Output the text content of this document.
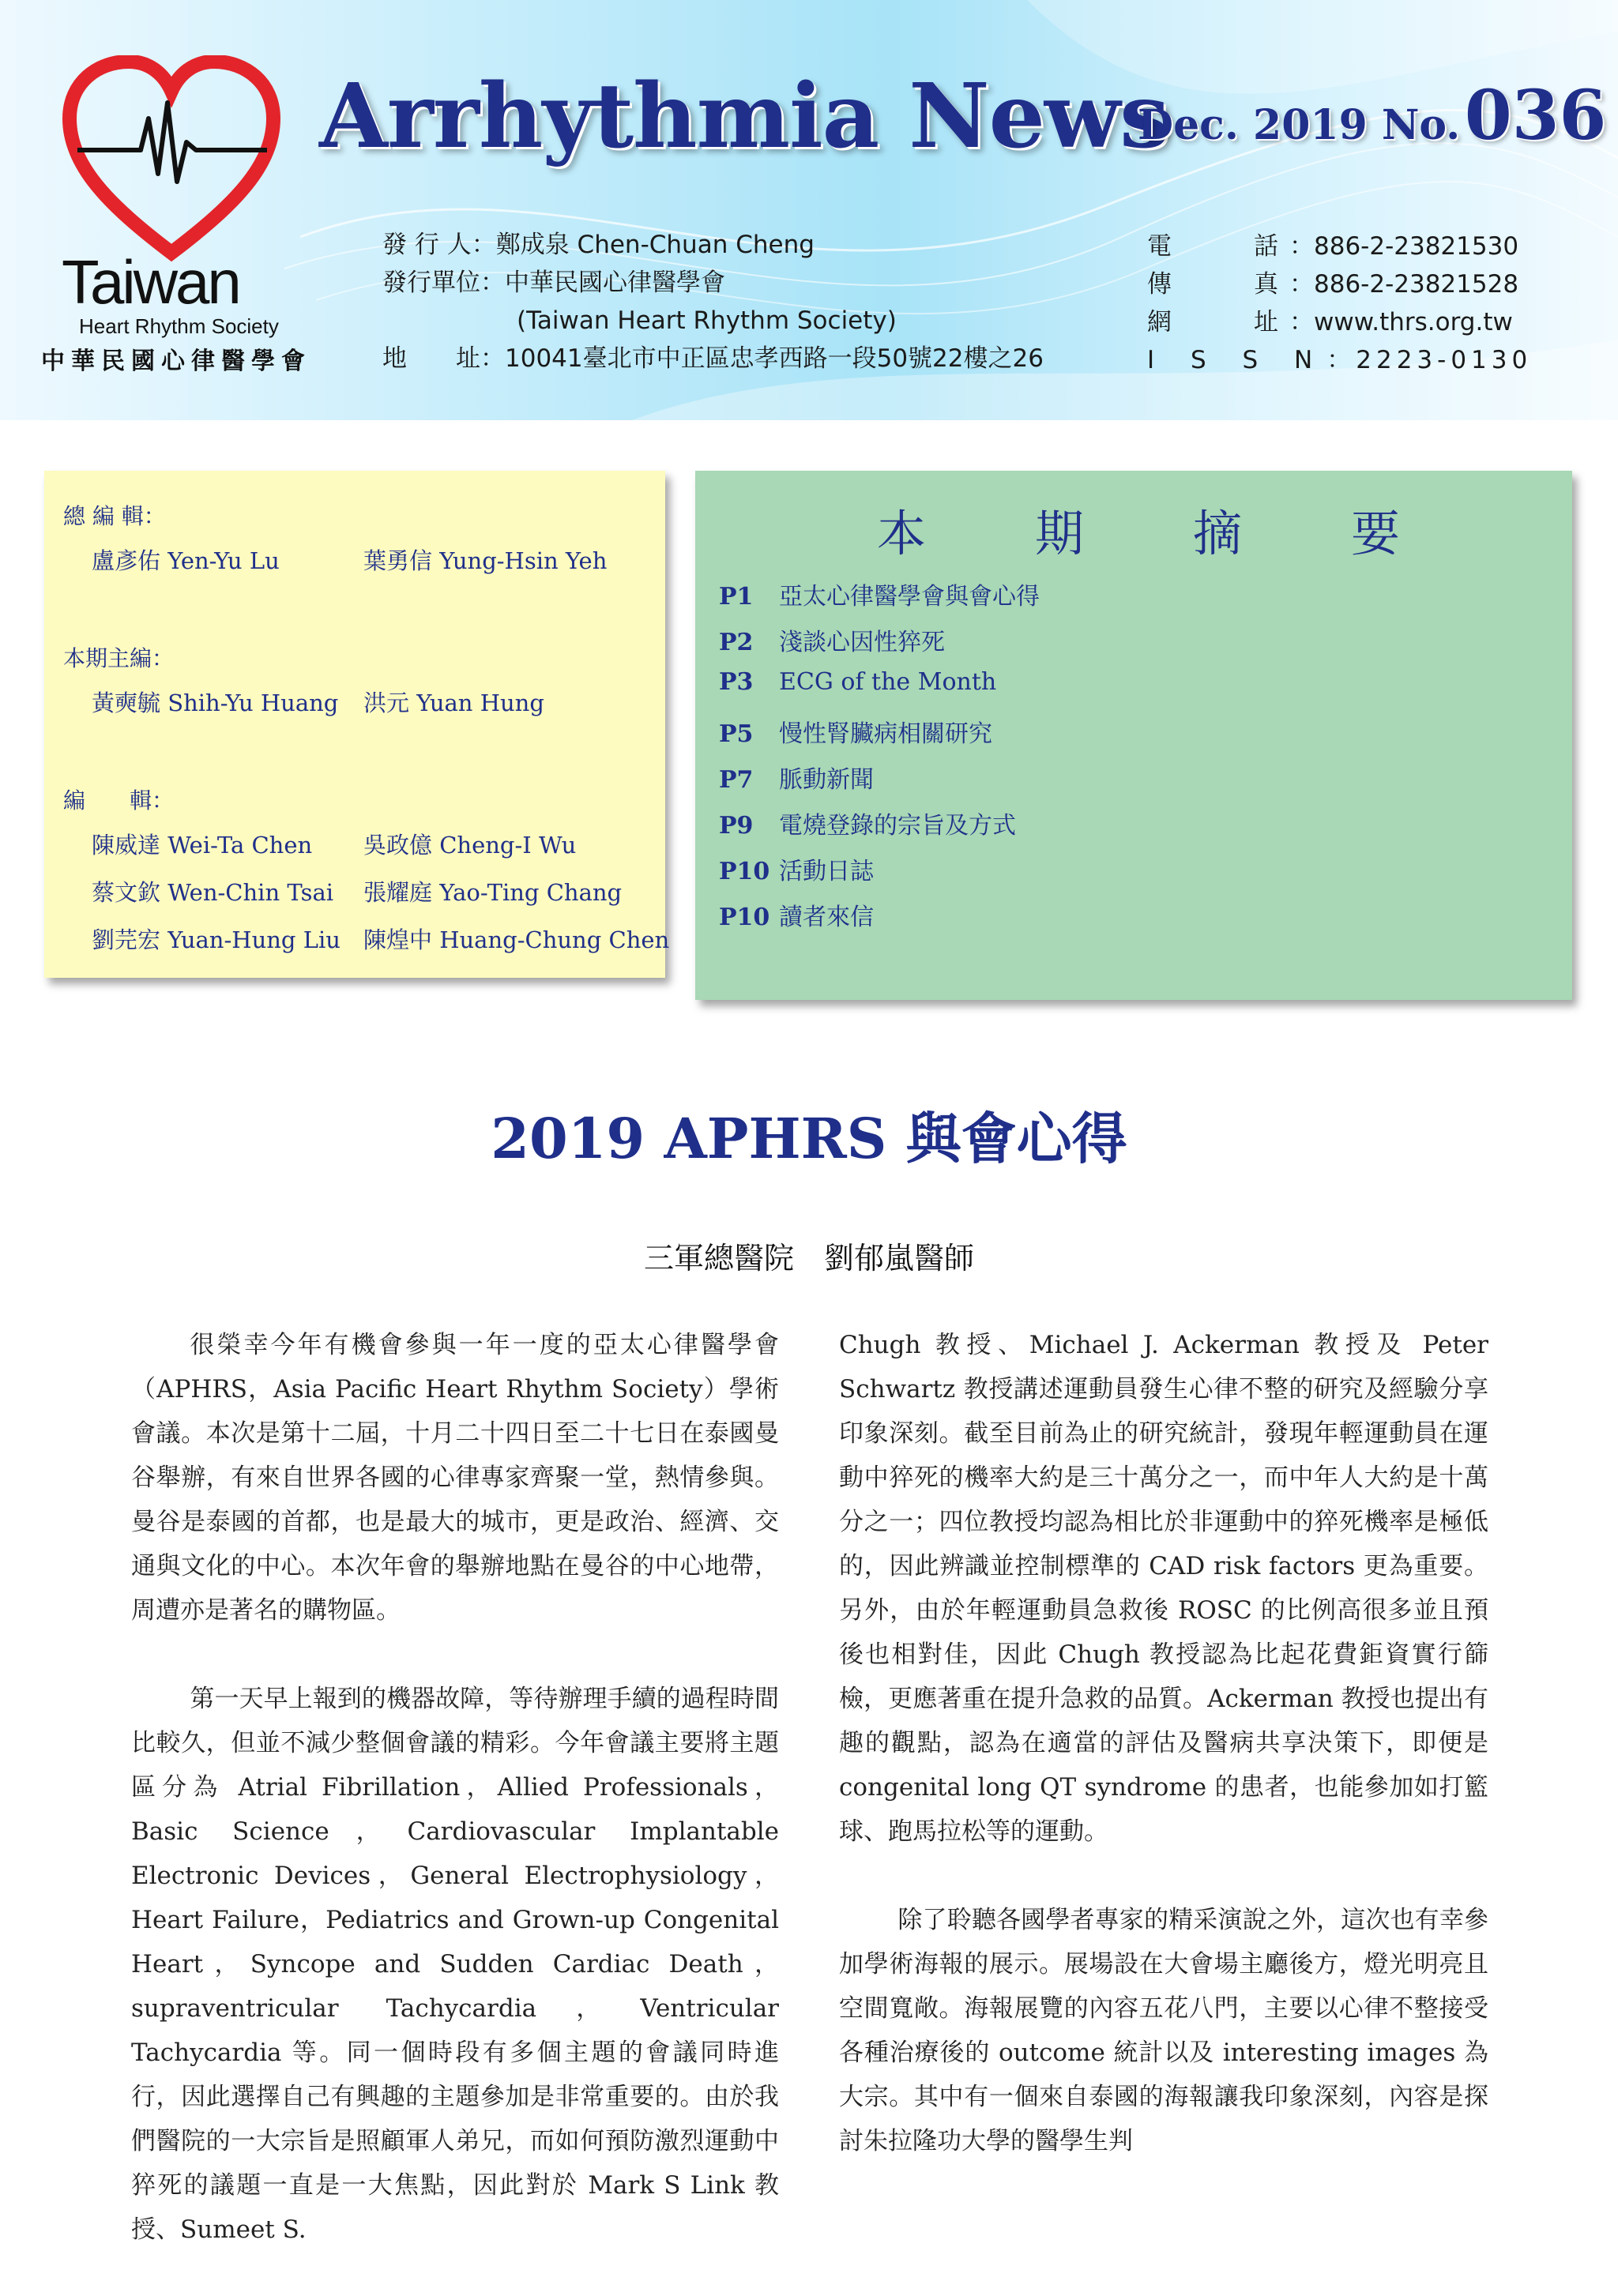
Taiwan
Heart Rhythm Society
中華民國心律醫學會
Arrhythmia News
Dec. 2019 No. 036
發 行 人：鄭成泉 Chen-Chuan Cheng
發行單位：中華民國心律醫學會
(Taiwan Heart Rhythm Society)
地　　址：10041臺北市中正區忠孝西路一段50號22樓之26
電　　話：886-2-23821530
傳　　真：886-2-23821528
網　　址：www.thrs.org.tw
I S S N：2223-0130
總 編 輯：
盧彥佑 Yen-Yu Lu	葉勇信 Yung-Hsin Yeh
本期主編：
黃奭毓 Shih-Yu Huang 洪元 Yuan Hung
編　　輯：
陳威達 Wei-Ta Chen 吳政億 Cheng-I Wu
蔡文欽 Wen-Chin Tsai 張耀庭 Yao-Ting Chang
劉芫宏 Yuan-Hung Liu 陳煌中 Huang-Chung Chen
本期摘要
P1 亞太心律醫學會與會心得
P2 淺談心因性猝死
P3 ECG of the Month
P5 慢性腎臟病相關研究
P7 脈動新聞
P9 電燒登錄的宗旨及方式
P10 活動日誌
P10 讀者來信
2019 APHRS 與會心得
三軍總醫院　劉郁嵐醫師

很榮幸今年有機會參與一年一度的亞太心律醫學會（APHRS，Asia Pacific Heart Rhythm Society）學術會議。本次是第十二屆，十月二十四日至二十七日在泰國曼谷舉辦，有來自世界各國的心律專家齊聚一堂，熱情參與。曼谷是泰國的首都，也是最大的城市，更是政治、經濟、交通與文化的中心。本次年會的舉辦地點在曼谷的中心地帶，周遭亦是著名的購物區。

第一天早上報到的機器故障，等待辦理手續的過程時間比較久，但並不減少整個會議的精彩。今年會議主要將主題區分為 Atrial Fibrillation，Allied Professionals，Basic Science，Cardiovascular Implantable Electronic Devices，General Electrophysiology，Heart Failure，Pediatrics and Grown-up Congenital Heart，Syncope and Sudden Cardiac Death，supraventricular Tachycardia，Ventricular Tachycardia 等。同一個時段有多個主題的會議同時進行，因此選擇自己有興趣的主題參加是非常重要的。由於我們醫院的一大宗旨是照顧軍人弟兄，而如何預防激烈運動中猝死的議題一直是一大焦點，因此對於 Mark S Link 教授、Sumeet S.

Chugh 教授、Michael J. Ackerman 教授及 Peter Schwartz 教授講述運動員發生心律不整的研究及經驗分享印象深刻。截至目前為止的研究統計，發現年輕運動員在運動中猝死的機率大約是三十萬分之一，而中年人大約是十萬分之一；四位教授均認為相比於非運動中的猝死機率是極低的，因此辨識並控制標準的 CAD risk factors 更為重要。另外，由於年輕運動員急救後 ROSC 的比例高很多並且預後也相對佳，因此 Chugh 教授認為比起花費鉅資實行篩檢，更應著重在提升急救的品質。Ackerman 教授也提出有趣的觀點，認為在適當的評估及醫病共享決策下，即便是 congenital long QT syndrome 的患者，也能參加如打籃球、跑馬拉松等的運動。

除了聆聽各國學者專家的精采演說之外，這次也有幸參加學術海報的展示。展場設在大會場主廳後方，燈光明亮且空間寬敞。海報展覽的內容五花八門，主要以心律不整接受各種治療後的 outcome 統計以及 interesting images 為大宗。其中有一個來自泰國的海報讓我印象深刻，內容是探討朱拉隆功大學的醫學生判
